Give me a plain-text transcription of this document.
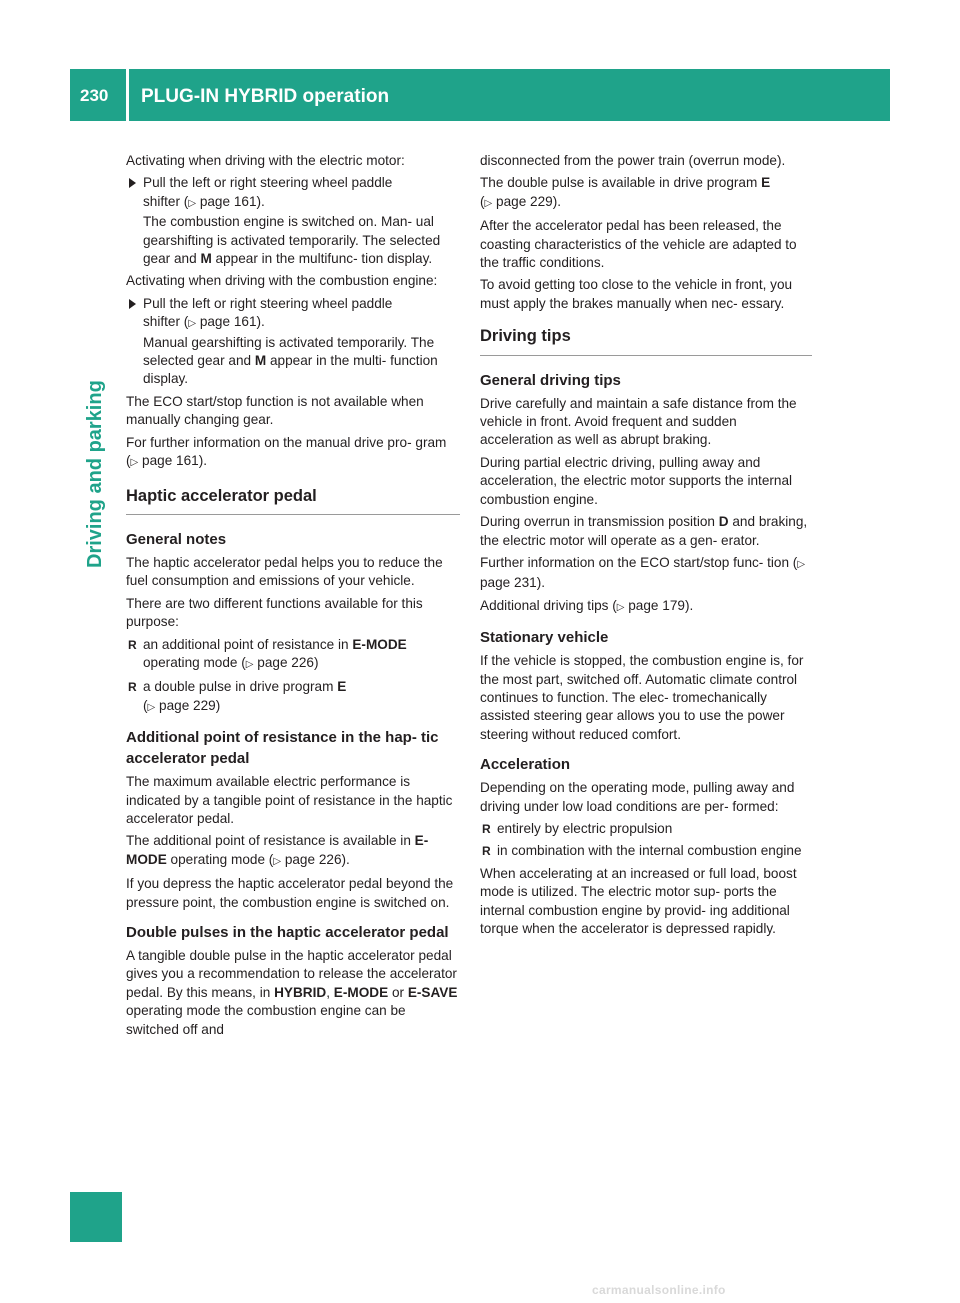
230	PLUG-IN HYBRID operation
Driving and parking

Activating when driving with the electric motor:

Pull the left or right steering wheel paddle
shifter (▷ page 161).
The combustion engine is switched on. Man- ual gearshifting is activated temporarily. The selected gear and M appear in the multifunc- tion display.

Activating when driving with the combustion engine:

Pull the left or right steering wheel paddle
shifter (▷ page 161).
Manual gearshifting is activated temporarily. The selected gear and M appear in the multi- function display.

The ECO start/stop function is not available when manually changing gear.

For further information on the manual drive pro- gram (▷ page 161).

Haptic accelerator pedal
General notes

The haptic accelerator pedal helps you to reduce the fuel consumption and emissions of your vehicle.

There are two different functions available for this purpose:

R an additional point of resistance in E-MODE
operating mode (▷ page 226)
R a double pulse in drive program E
(▷ page 229)
Additional point of resistance in the hap- tic accelerator pedal

The maximum available electric performance is indicated by a tangible point of resistance in the haptic accelerator pedal.

The additional point of resistance is available in E-MODE operating mode (▷ page 226).

If you depress the haptic accelerator pedal beyond the pressure point, the combustion engine is switched on.

Double pulses in the haptic accelerator pedal

A tangible double pulse in the haptic accelerator pedal gives you a recommendation to release the accelerator pedal. By this means, in HYBRID, E-MODE or E-SAVE operating mode the combustion engine can be switched off and

disconnected from the power train (overrun mode).

The double pulse is available in drive program E
(▷ page 229).

After the accelerator pedal has been released, the coasting characteristics of the vehicle are adapted to the traffic conditions.

To avoid getting too close to the vehicle in front, you must apply the brakes manually when nec- essary.

Driving tips
General driving tips

Drive carefully and maintain a safe distance from the vehicle in front. Avoid frequent and sudden acceleration as well as abrupt braking.

During partial electric driving, pulling away and acceleration, the electric motor supports the internal combustion engine.

During overrun in transmission position D and braking, the electric motor will operate as a gen- erator.

Further information on the ECO start/stop func- tion (▷ page 231).

Additional driving tips (▷ page 179).

Stationary vehicle

If the vehicle is stopped, the combustion engine is, for the most part, switched off. Automatic climate control continues to function. The elec- tromechanically assisted steering gear allows you to use the power steering without reduced comfort.

Acceleration

Depending on the operating mode, pulling away and driving under low load conditions are per- formed:

R entirely by electric propulsion
R in combination with the internal combustion engine

When accelerating at an increased or full load, boost mode is utilized. The electric motor sup- ports the internal combustion engine by provid- ing additional torque when the accelerator is depressed rapidly.

carmanualsonline.info
